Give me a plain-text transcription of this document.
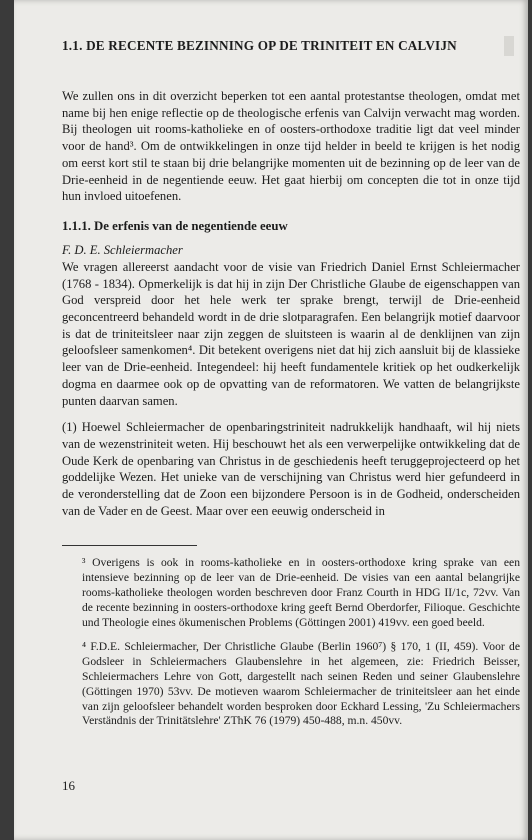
1.1. DE RECENTE BEZINNING OP DE TRINITEIT EN CALVIJN

We zullen ons in dit overzicht beperken tot een aantal protestantse theologen, omdat met name bij hen enige reflectie op de theologische erfenis van Calvijn verwacht mag worden. Bij theologen uit rooms-katholieke en of oosters-orthodoxe traditie ligt dat veel minder voor de hand³. Om de ontwikkelingen in onze tijd helder in beeld te krijgen is het nodig om eerst kort stil te staan bij drie belangrijke momenten uit de bezinning op de leer van de Drie-eenheid in de negentiende eeuw. Het gaat hierbij om concepten die tot in onze tijd hun invloed uitoefenen.

1.1.1. De erfenis van de negentiende eeuw

F. D. E. Schleiermacher

We vragen allereerst aandacht voor de visie van Friedrich Daniel Ernst Schleiermacher (1768 - 1834). Opmerkelijk is dat hij in zijn Der Christliche Glaube de eigenschappen van God verspreid door het hele werk ter sprake brengt, terwijl de Drie-eenheid geconcentreerd behandeld wordt in de drie slotparagrafen. Een belangrijk motief daarvoor is dat de triniteitsleer naar zijn zeggen de sluitsteen is waarin al de denklijnen van zijn geloofsleer samenkomen⁴. Dit betekent overigens niet dat hij zich aansluit bij de klassieke leer van de Drie-eenheid. Integendeel: hij heeft fundamentele kritiek op het oudkerkelijk dogma en daarmee ook op de opvatting van de reformatoren. We vatten de belangrijkste punten daarvan samen.

(1) Hoewel Schleiermacher de openbaringstriniteit nadrukkelijk handhaaft, wil hij niets van de wezenstriniteit weten. Hij beschouwt het als een verwerpelijke ontwikkeling dat de Oude Kerk de openbaring van Christus in de geschiedenis heeft teruggeprojecteerd op het goddelijke Wezen. Het unieke van de verschijning van Christus werd hier gefundeerd in de veronderstelling dat de Zoon een bijzondere Persoon is in de Godheid, onderscheiden van de Vader en de Geest. Maar over een eeuwig onderscheid in

³ Overigens is ook in rooms-katholieke en in oosters-orthodoxe kring sprake van een intensieve bezinning op de leer van de Drie-eenheid. De visies van een aantal belangrijke rooms-katholieke theologen worden beschreven door Franz Courth in HDG II/1c, 72vv. Van de recente bezinning in oosters-orthodoxe kring geeft Bernd Oberdorfer, Filioque. Geschichte und Theologie eines ökumenischen Problems (Göttingen 2001) 419vv. een goed beeld.

⁴ F.D.E. Schleiermacher, Der Christliche Glaube (Berlin 1960⁷) § 170, 1 (II, 459). Voor de Godsleer in Schleiermachers Glaubenslehre in het algemeen, zie: Friedrich Beisser, Schleiermachers Lehre von Gott, dargestellt nach seinen Reden und seiner Glaubenslehre (Göttingen 1970) 53vv. De motieven waarom Schleiermacher de triniteitsleer aan het einde van zijn geloofsleer behandelt worden besproken door Eckhard Lessing, 'Zu Schleiermachers Verständnis der Trinitätslehre' ZThK 76 (1979) 450-488, m.n. 450vv.

16
